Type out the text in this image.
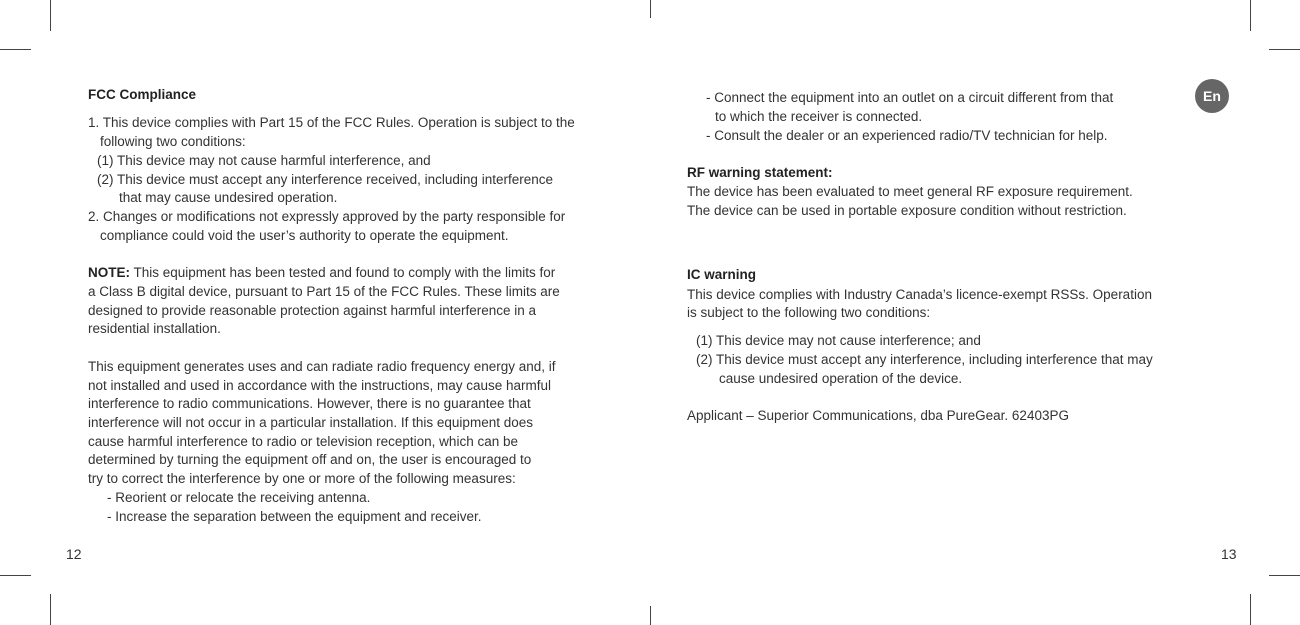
FCC Compliance
1. This device complies with Part 15 of the FCC Rules. Operation is subject to the
following two conditions:
(1) This device may not cause harmful interference, and
(2) This device must accept any interference received, including interference
that may cause undesired operation.
2. Changes or modifications not expressly approved by the party responsible for
compliance could void the user’s authority to operate the equipment.
NOTE: This equipment has been tested and found to comply with the limits for
a Class B digital device, pursuant to Part 15 of the FCC Rules. These limits are
designed to provide reasonable protection against harmful interference in a
residential installation.
This equipment generates uses and can radiate radio frequency energy and, if
not installed and used in accordance with the instructions, may cause harmful
interference to radio communications. However, there is no guarantee that
interference will not occur in a particular installation. If this equipment does
cause harmful interference to radio or television reception, which can be
determined by turning the equipment off and on, the user is encouraged to
try to correct the interference by one or more of the following measures:
- Reorient or relocate the receiving antenna.
- Increase the separation between the equipment and receiver.
12
En
- Connect the equipment into an outlet on a circuit different from that
to which the receiver is connected.
- Consult the dealer or an experienced radio/TV technician for help.
RF warning statement:
The device has been evaluated to meet general RF exposure requirement.
The device can be used in portable exposure condition without restriction.
IC warning
This device complies with Industry Canada’s licence-exempt RSSs. Operation
is subject to the following two conditions:
(1) This device may not cause interference; and
(2) This device must accept any interference, including interference that may
cause undesired operation of the device.
Applicant – Superior Communications, dba PureGear. 62403PG
13
